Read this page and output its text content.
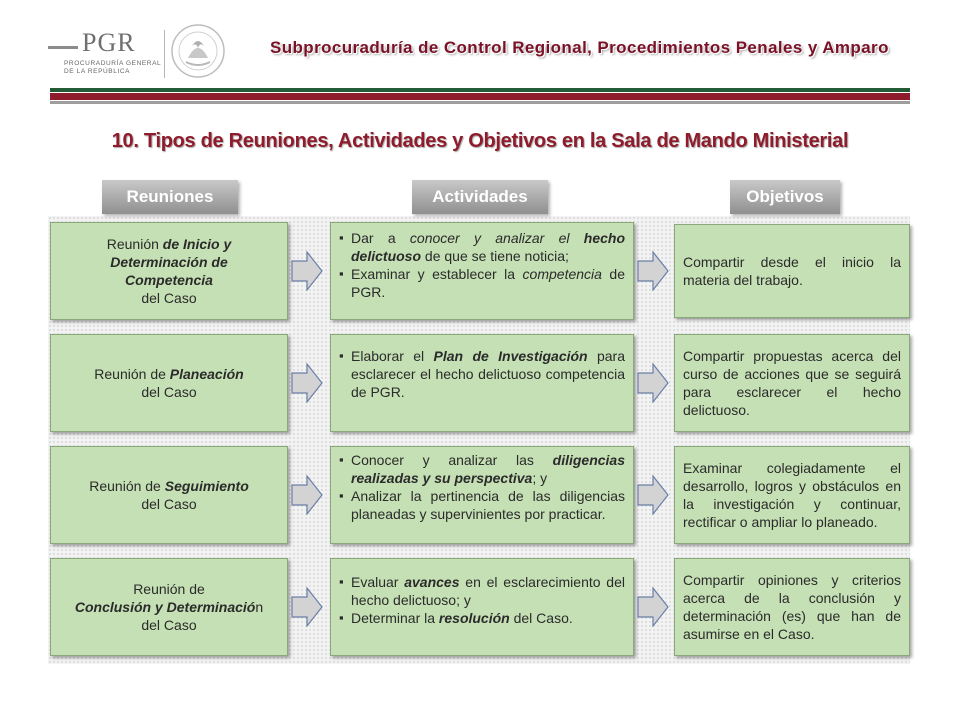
PGR
PROCURADURÍA GENERAL
DE LA REPÚBLICA
Subprocuraduría de Control Regional, Procedimientos Penales y Amparo
10. Tipos de Reuniones, Actividades y Objetivos en la Sala de Mando Ministerial
Reuniones	Actividades	Objetivos
Reunión de Inicio y
Determinación de
Competencia
del Caso
▪ Dar a conocer y analizar el hecho delictuoso de que se tiene noticia;
▪ Examinar y establecer la competencia de PGR.
Compartir desde el inicio la materia del trabajo.
Reunión de Planeación
del Caso
▪ Elaborar el Plan de Investigación para esclarecer el hecho delictuoso competencia de PGR.
Compartir propuestas acerca del curso de acciones que se seguirá para esclarecer el hecho delictuoso.
Reunión de Seguimiento
del Caso
▪ Conocer y analizar las diligencias realizadas y su perspectiva; y
▪ Analizar la pertinencia de las diligencias planeadas y supervinientes por practicar.
Examinar colegiadamente el desarrollo, logros y obstáculos en la investigación y continuar, rectificar o ampliar lo planeado.
Reunión de
Conclusión y Determinación
del Caso
▪ Evaluar avances en el esclarecimiento del hecho delictuoso; y
▪ Determinar la resolución del Caso.
Compartir opiniones y criterios acerca de la conclusión y determinación (es) que han de asumirse en el Caso.
